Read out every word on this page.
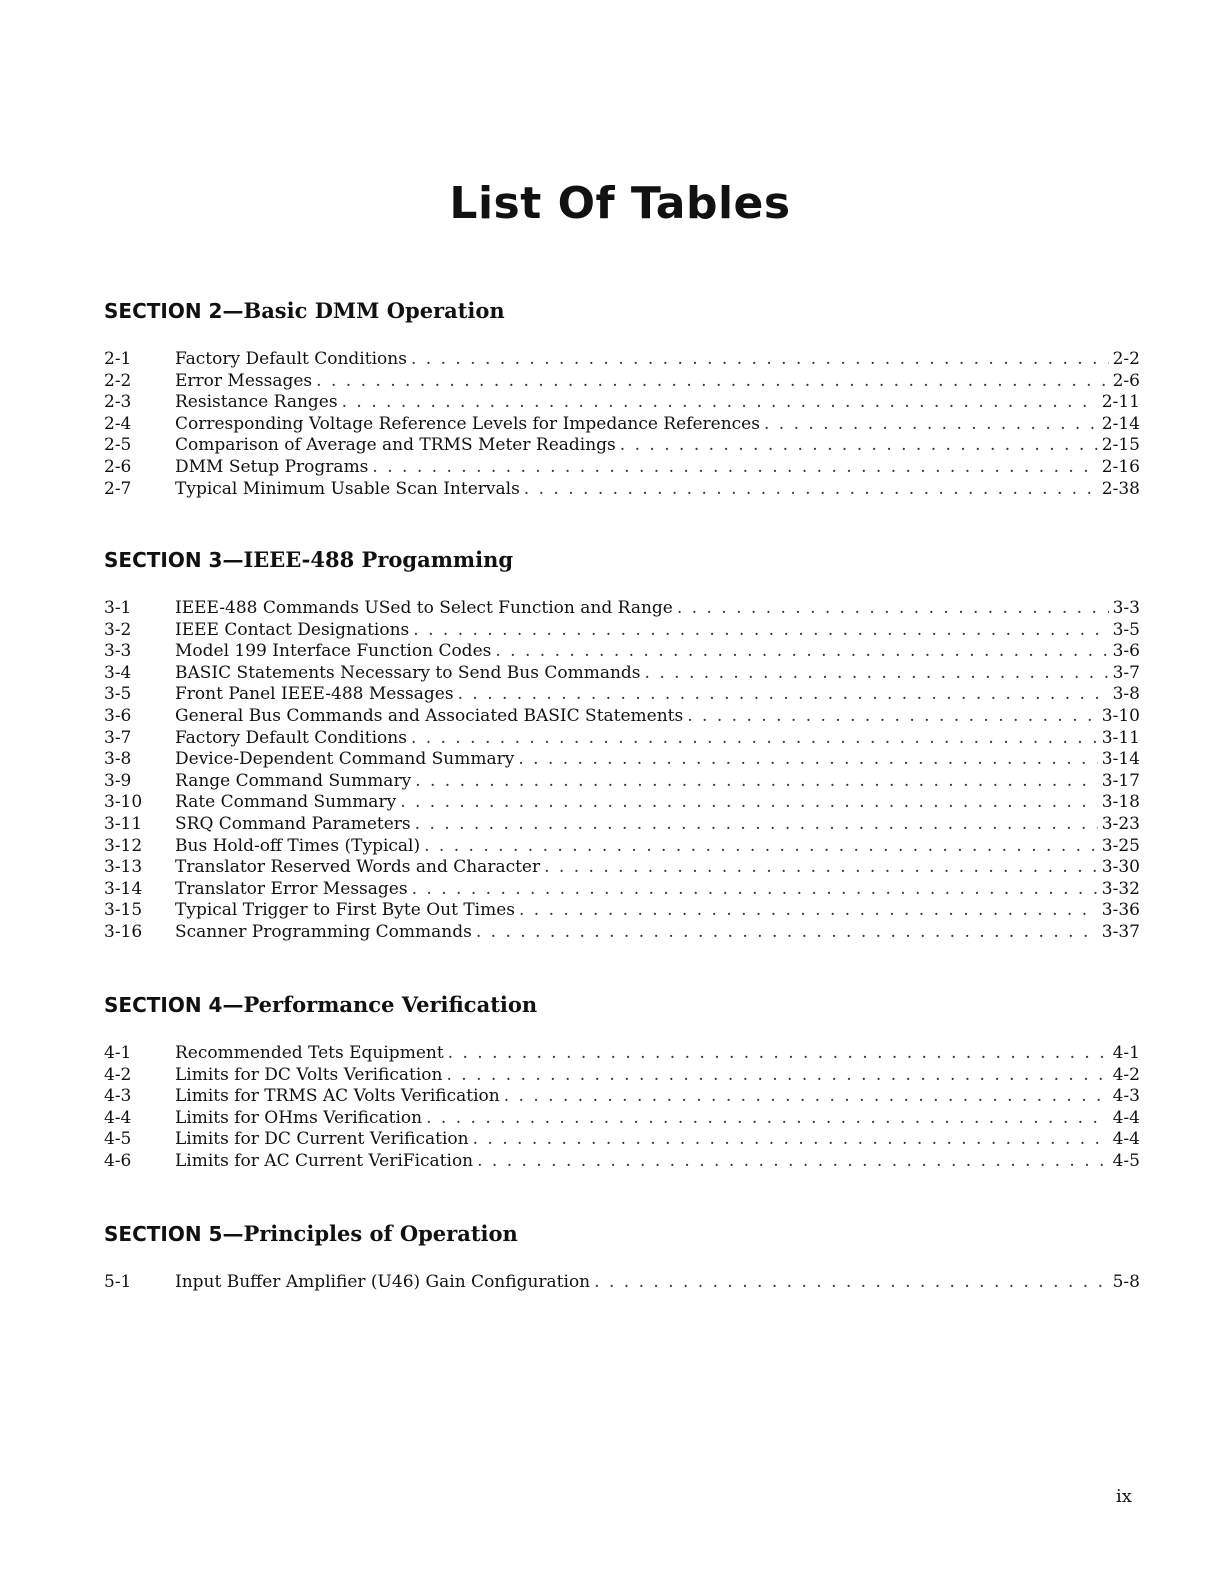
List Of Tables
SECTION 2—Basic DMM Operation
2-1	Factory Default Conditions . . .	2-2
2-2	Error Messages . . .	2-6
2-3	Resistance Ranges . . .	2-11
2-4	Corresponding Voltage Reference Levels for Impedance References . . .	2-14
2-5	Comparison of Average and TRMS Meter Readings . . .	2-15
2-6	DMM Setup Programs . . .	2-16
2-7	Typical Minimum Usable Scan Intervals . . .	2-38
SECTION 3—IEEE-488 Progamming
3-1	IEEE-488 Commands USed to Select Function and Range . . .	3-3
3-2	IEEE Contact Designations . . .	3-5
3-3	Model 199 Interface Function Codes . . .	3-6
3-4	BASIC Statements Necessary to Send Bus Commands . . .	3-7
3-5	Front Panel IEEE-488 Messages . . .	3-8
3-6	General Bus Commands and Associated BASIC Statements . . .	3-10
3-7	Factory Default Conditions . . .	3-11
3-8	Device-Dependent Command Summary . . .	3-14
3-9	Range Command Summary . . .	3-17
3-10	Rate Command Summary . . .	3-18
3-11	SRQ Command Parameters . . .	3-23
3-12	Bus Hold-off Times (Typical) . . .	3-25
3-13	Translator Reserved Words and Character . . .	3-30
3-14	Translator Error Messages . . .	3-32
3-15	Typical Trigger to First Byte Out Times . . .	3-36
3-16	Scanner Programming Commands . . .	3-37
SECTION 4—Performance Verification
4-1	Recommended Tets Equipment . . .	4-1
4-2	Limits for DC Volts Verification . . .	4-2
4-3	Limits for TRMS AC Volts Verification . . .	4-3
4-4	Limits for OHms Verification . . .	4-4
4-5	Limits for DC Current Verification . . .	4-4
4-6	Limits for AC Current VeriFication . . .	4-5
SECTION 5—Principles of Operation
5-1	Input Buffer Amplifier (U46) Gain Configuration . . .	5-8
ix
